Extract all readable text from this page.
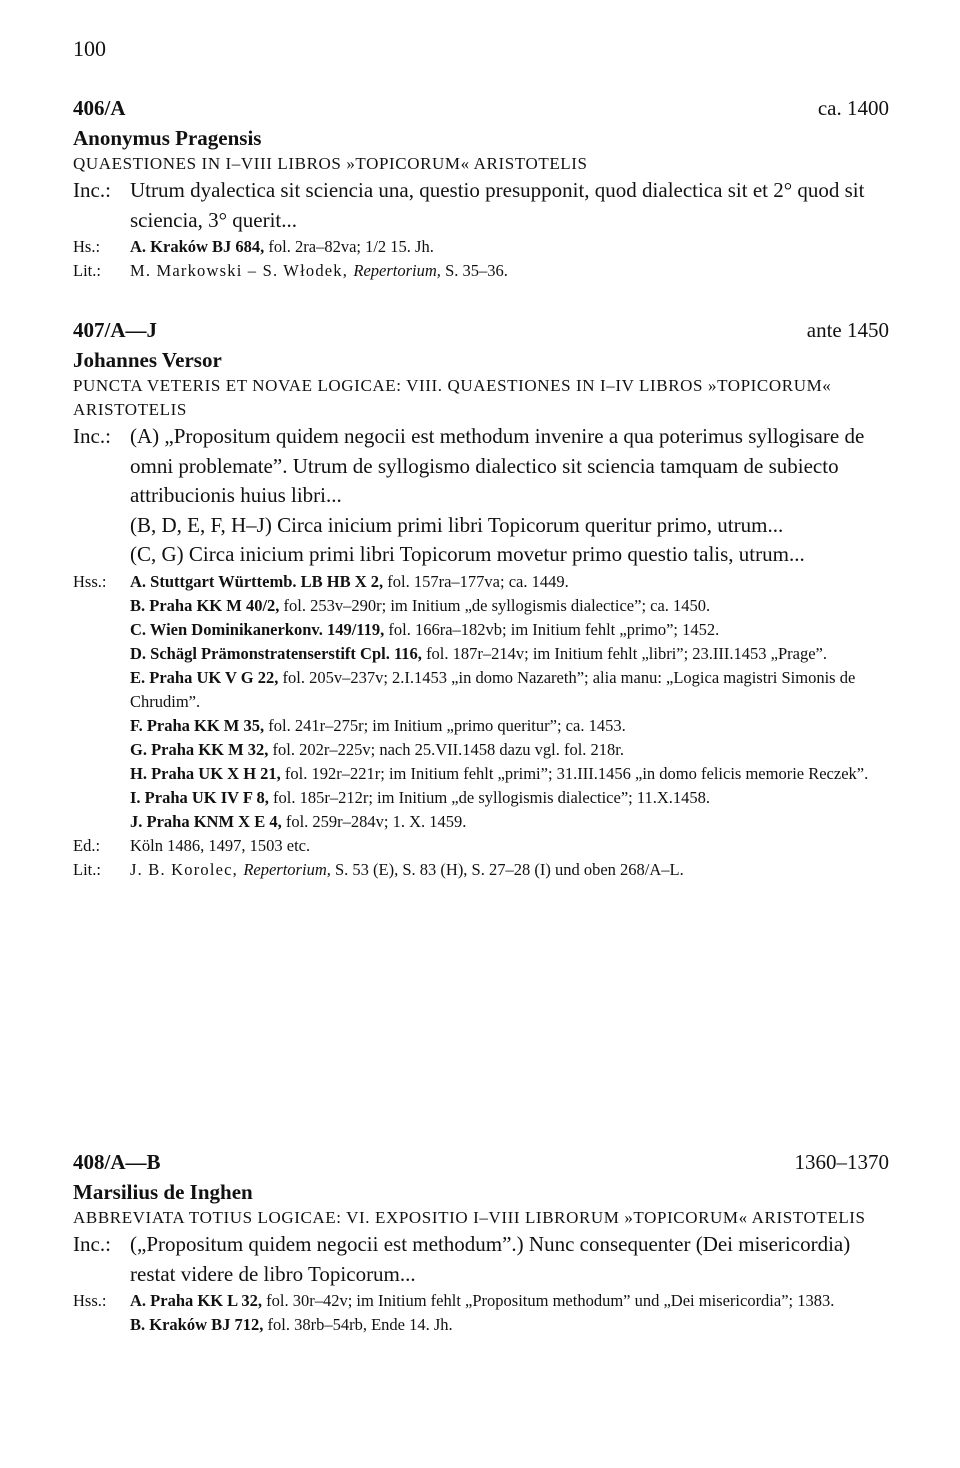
100
406/A	ca. 1400
Anonymus Pragensis
QUAESTIONES IN I–VIII LIBROS »TOPICORUM« ARISTOTELIS
Inc.: Utrum dyalectica sit sciencia una, questio presupponit, quod dialectica sit et 2° quod sit sciencia, 3° querit...
Hs.: A. Kraków BJ 684, fol. 2ra–82va; 1/2 15. Jh.
Lit.: M. Markowski – S. Włodek, Repertorium, S. 35–36.
407/A—J	ante 1450
Johannes Versor
PUNCTA VETERIS ET NOVAE LOGICAE: VIII. QUAESTIONES IN I–IV LIBROS »TOPICORUM« ARISTOTELIS
Inc.: (A) „Propositum quidem negocii est methodum invenire a qua poterimus syllogisare de omni problemate”. Utrum de syllogismo dialectico sit sciencia tamquam de subiecto attribucionis huius libri...
(B, D, E, F, H–J) Circa inicium primi libri Topicorum queritur primo, utrum...
(C, G) Circa inicium primi libri Topicorum movetur primo questio talis, utrum...
Hss.: A. Stuttgart Württemb. LB HB X 2, fol. 157ra–177va; ca. 1449.
B. Praha KK M 40/2, fol. 253v–290r; im Initium „de syllogismis dialectice”; ca. 1450.
C. Wien Dominikanerkonv. 149/119, fol. 166ra–182vb; im Initium fehlt „primo”; 1452.
D. Schägl Prämonstratenserstift Cpl. 116, fol. 187r–214v; im Initium fehlt „libri”; 23.III.1453 „Prage”.
E. Praha UK V G 22, fol. 205v–237v; 2.I.1453 „in domo Nazareth”; alia manu: „Logica magistri Simonis de Chrudim”.
F. Praha KK M 35, fol. 241r–275r; im Initium „primo queritur”; ca. 1453.
G. Praha KK M 32, fol. 202r–225v; nach 25.VII.1458 dazu vgl. fol. 218r.
H. Praha UK X H 21, fol. 192r–221r; im Initium fehlt „primi”; 31.III.1456 „in domo felicis memorie Reczek”.
I. Praha UK IV F 8, fol. 185r–212r; im Initium „de syllogismis dialectice”; 11.X.1458.
J. Praha KNM X E 4, fol. 259r–284v; 1. X. 1459.
Ed.: Köln 1486, 1497, 1503 etc.
Lit.: J. B. Korolec, Repertorium, S. 53 (E), S. 83 (H), S. 27–28 (I) und oben 268/A–L.
408/A—B	1360–1370
Marsilius de Inghen
ABBREVIATA TOTIUS LOGICAE: VI. EXPOSITIO I–VIII LIBRORUM »TOPICORUM« ARISTOTELIS
Inc.: („Propositum quidem negocii est methodum”.) Nunc consequenter (Dei misericordia) restat videre de libro Topicorum...
Hss.: A. Praha KK L 32, fol. 30r–42v; im Initium fehlt „Propositum methodum” und „Dei misericordia”; 1383.
B. Kraków BJ 712, fol. 38rb–54rb, Ende 14. Jh.
